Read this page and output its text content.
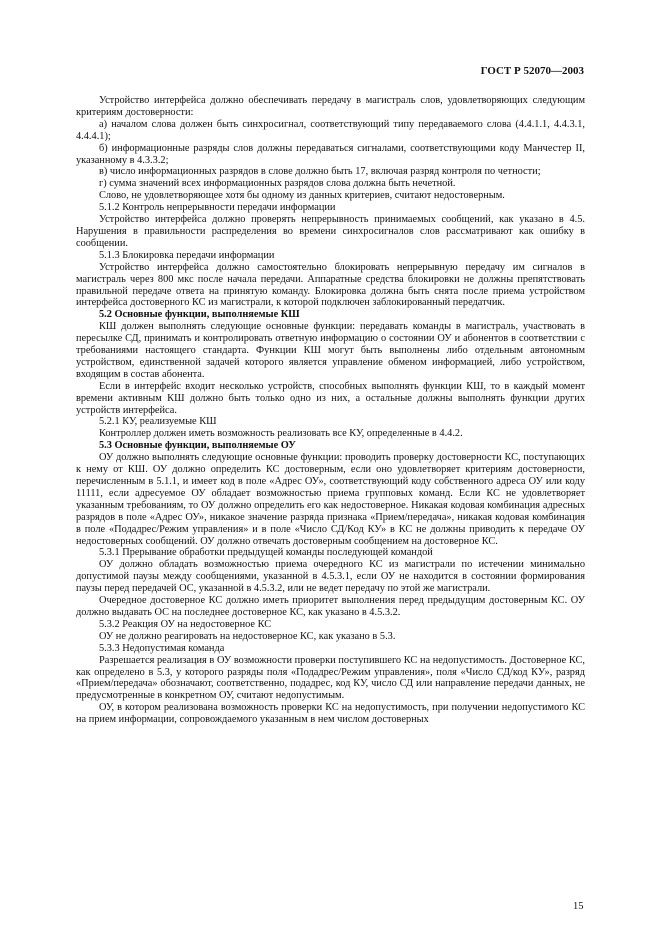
ГОСТ Р 52070—2003

Устройство интерфейса должно обеспечивать передачу в магистраль слов, удовлетворяющих следующим критериям достоверности:

а) началом слова должен быть синхросигнал, соответствующий типу передаваемого слова (4.4.1.1, 4.4.3.1, 4.4.4.1);

б) информационные разряды слов должны передаваться сигналами, соответствующими коду Манчестер II, указанному в 4.3.3.2;

в) число информационных разрядов в слове должно быть 17, включая разряд контроля по четности;

г) сумма значений всех информационных разрядов слова должна быть нечетной.

Слово, не удовлетворяющее хотя бы одному из данных критериев, считают недостоверным.

5.1.2 Контроль непрерывности передачи информации

Устройство интерфейса должно проверять непрерывность принимаемых сообщений, как указано в 4.5. Нарушения в правильности распределения во времени синхросигналов слов рассматривают как ошибку в сообщении.

5.1.3 Блокировка передачи информации

Устройство интерфейса должно самостоятельно блокировать непрерывную передачу им сигналов в магистраль через 800 мкс после начала передачи. Аппаратные средства блокировки не должны препятствовать правильной передаче ответа на принятую команду. Блокировка должна быть снята после приема устройством интерфейса достоверного КС из магистрали, к которой подключен заблокированный передатчик.

5.2 Основные функции, выполняемые КШ

КШ должен выполнять следующие основные функции: передавать команды в магистраль, участвовать в пересылке СД, принимать и контролировать ответную информацию о состоянии ОУ и абонентов в соответствии с требованиями настоящего стандарта. Функции КШ могут быть выполнены либо отдельным автономным устройством, единственной задачей которого является управление обменом информацией, либо устройством, входящим в состав абонента.

Если в интерфейс входит несколько устройств, способных выполнять функции КШ, то в каждый момент времени активным КШ должно быть только одно из них, а остальные должны выполнять функции других устройств интерфейса.

5.2.1 КУ, реализуемые КШ

Контроллер должен иметь возможность реализовать все КУ, определенные в 4.4.2.

5.3 Основные функции, выполняемые ОУ

ОУ должно выполнять следующие основные функции: проводить проверку достоверности КС, поступающих к нему от КШ. ОУ должно определить КС достоверным, если оно удовлетворяет критериям достоверности, перечисленным в 5.1.1, и имеет код в поле «Адрес ОУ», соответствующий коду собственного адреса ОУ или коду 11111, если адресуемое ОУ обладает возможностью приема групповых команд. Если КС не удовлетворяет указанным требованиям, то ОУ должно определить его как недостоверное. Никакая кодовая комбинация адресных разрядов в поле «Адрес ОУ», никакое значение разряда признака «Прием/передача», никакая кодовая комбинация в поле «Подадрес/Режим управления» и в поле «Число СД/Код КУ» в КС не должны приводить к передаче ОУ недостоверных сообщений. ОУ должно отвечать достоверным сообщением на достоверное КС.

5.3.1 Прерывание обработки предыдущей команды последующей командой

ОУ должно обладать возможностью приема очередного КС из магистрали по истечении минимально допустимой паузы между сообщениями, указанной в 4.5.3.1, если ОУ не находится в состоянии формирования паузы перед передачей ОС, указанной в 4.5.3.2, или не ведет передачу по этой же магистрали.

Очередное достоверное КС должно иметь приоритет выполнения перед предыдущим достоверным КС. ОУ должно выдавать ОС на последнее достоверное КС, как указано в 4.5.3.2.

5.3.2 Реакция ОУ на недостоверное КС

ОУ не должно реагировать на недостоверное КС, как указано в 5.3.

5.3.3 Недопустимая команда

Разрешается реализация в ОУ возможности проверки поступившего КС на недопустимость. Достоверное КС, как определено в 5.3, у которого разряды поля «Подадрес/Режим управления», поля «Число СД/код КУ», разряд «Прием/передача» обозначают, соответственно, подадрес, код КУ, число СД или направление передачи данных, не предусмотренные в конкретном ОУ, считают недопустимым.

ОУ, в котором реализована возможность проверки КС на недопустимость, при получении недопустимого КС на прием информации, сопровождаемого указанным в нем числом достоверных

15
